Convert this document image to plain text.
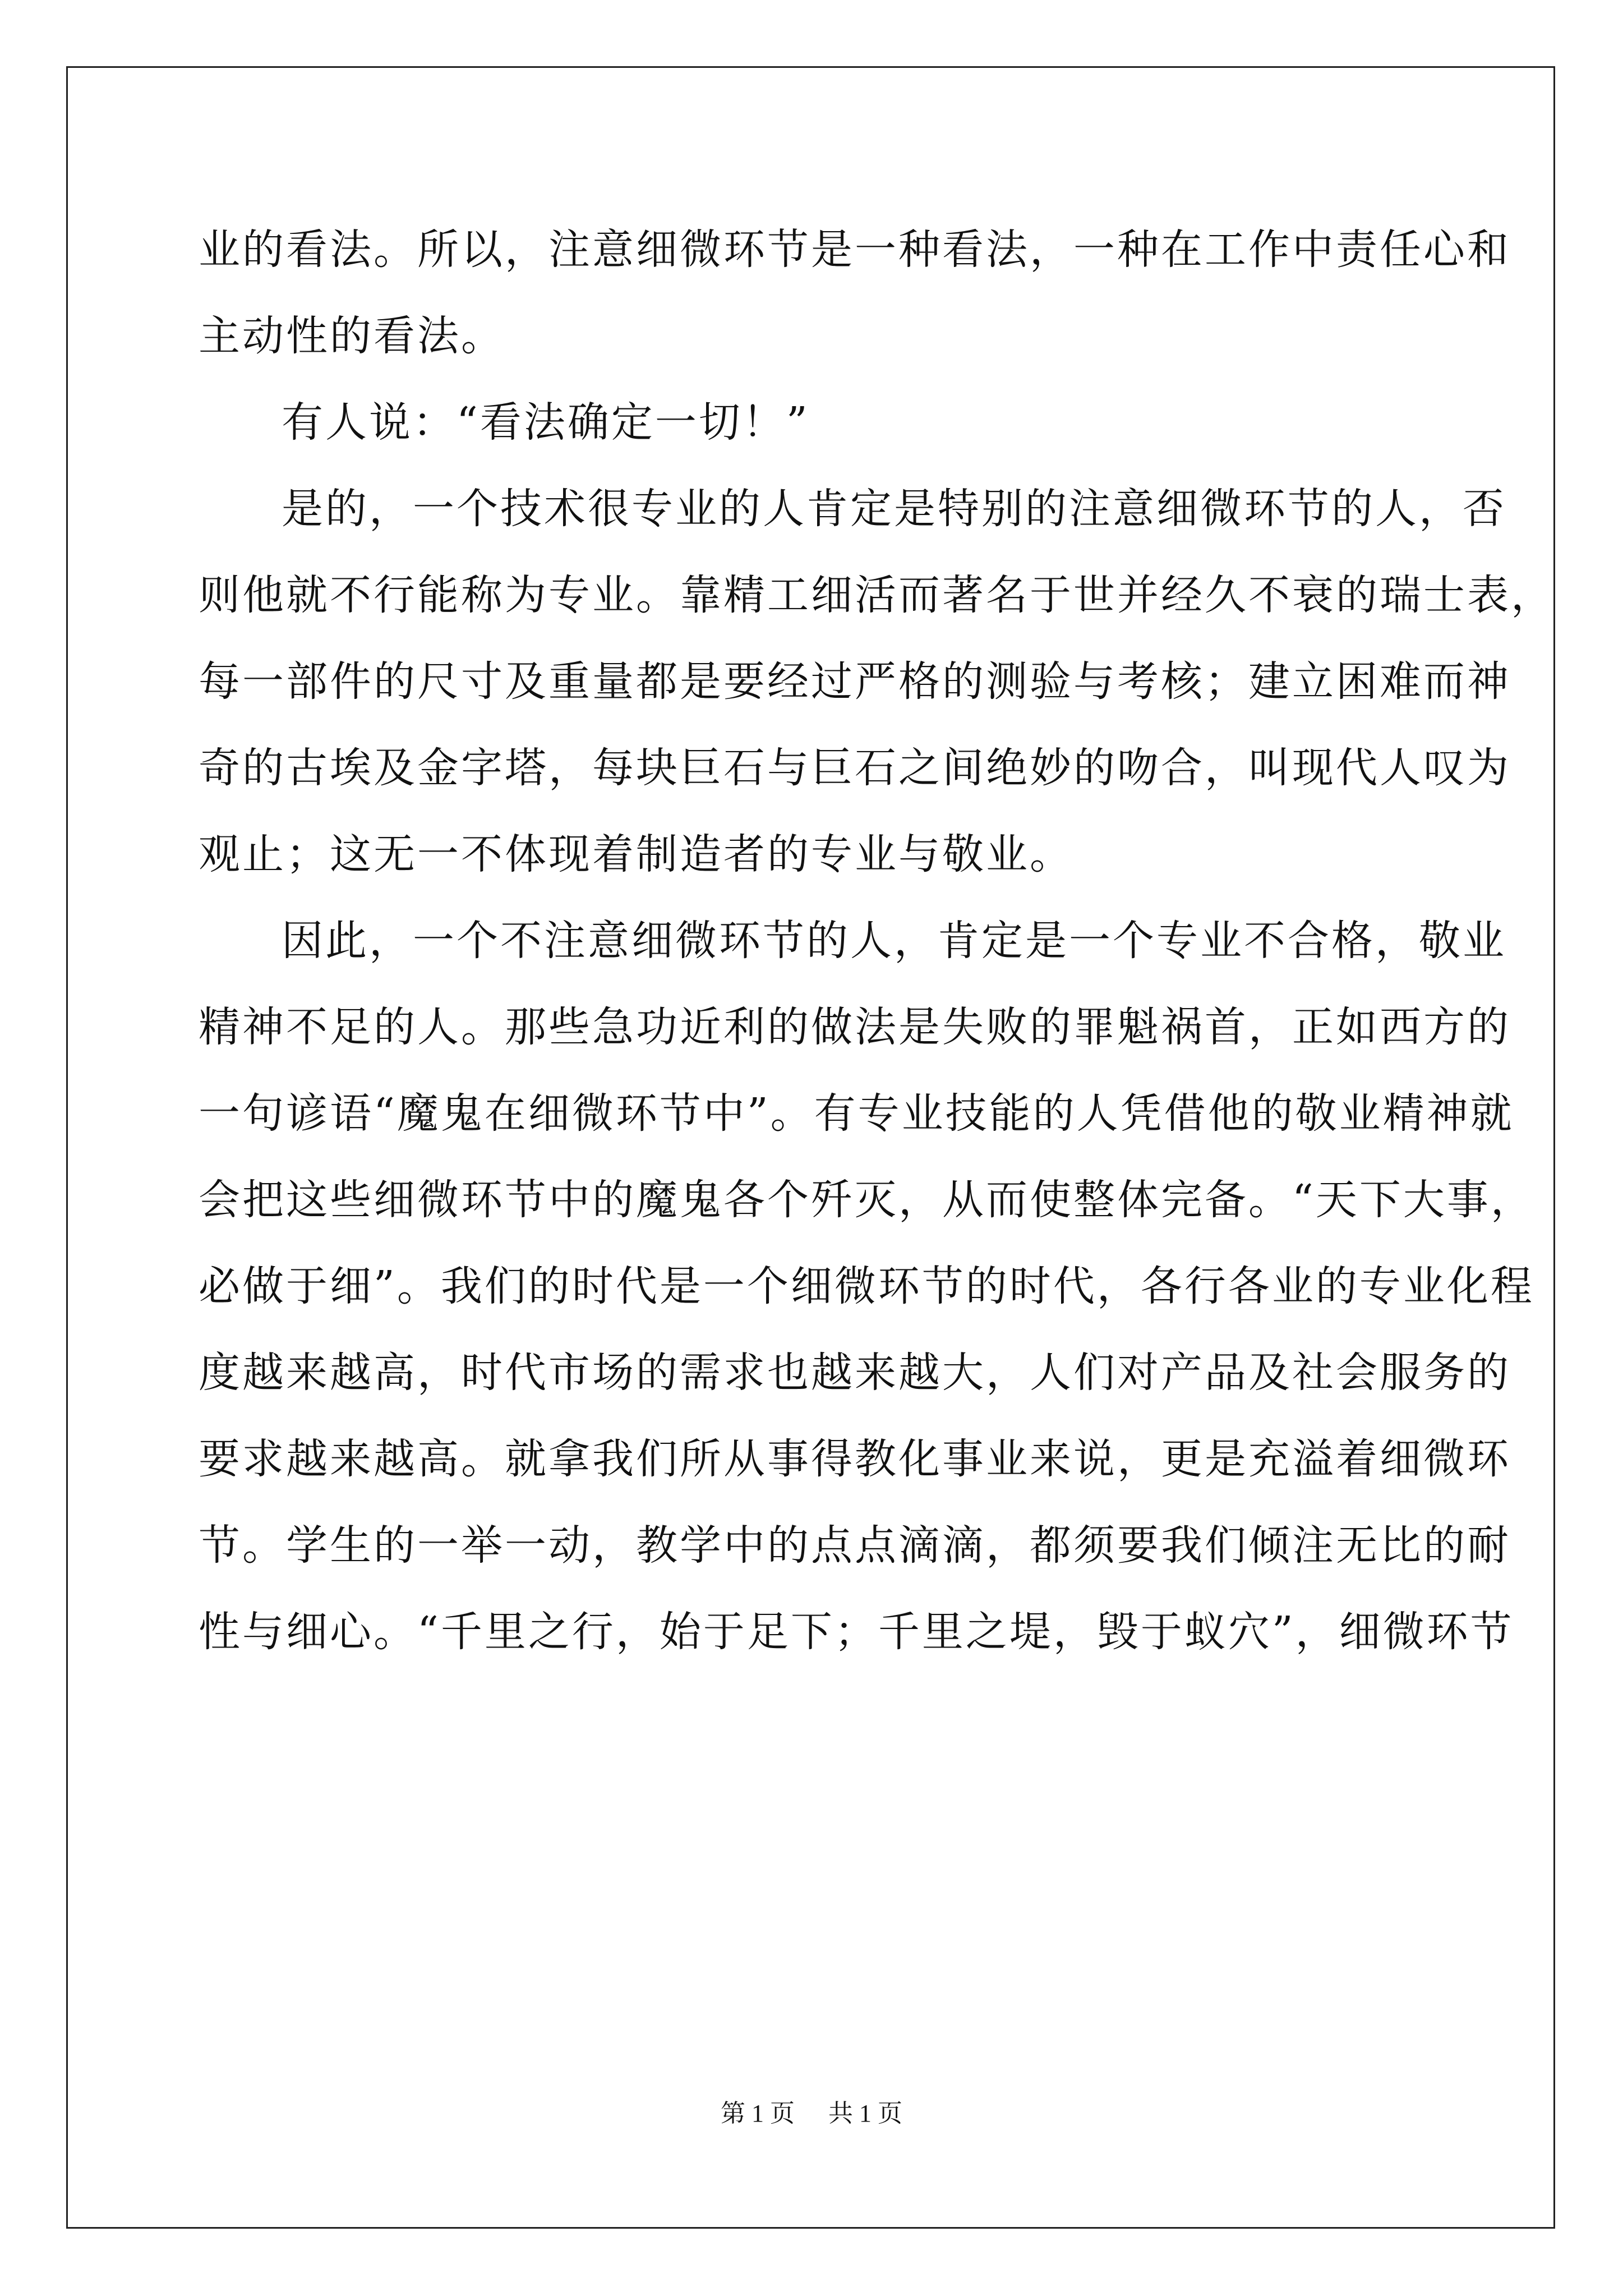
业的看法。所以，注意细微环节是一种看法，一种在工作中责任心和
主动性的看法。
有人说：“看法确定一切！”
是的，一个技术很专业的人肯定是特别的注意细微环节的人，否
则他就不行能称为专业。靠精工细活而著名于世并经久不衰的瑞士表，
每一部件的尺寸及重量都是要经过严格的测验与考核；建立困难而神
奇的古埃及金字塔，每块巨石与巨石之间绝妙的吻合，叫现代人叹为
观止；这无一不体现着制造者的专业与敬业。
因此，一个不注意细微环节的人，肯定是一个专业不合格，敬业
精神不足的人。那些急功近利的做法是失败的罪魁祸首，正如西方的
一句谚语“魔鬼在细微环节中”。有专业技能的人凭借他的敬业精神就
会把这些细微环节中的魔鬼各个歼灭，从而使整体完备。“天下大事，
必做于细”。我们的时代是一个细微环节的时代，各行各业的专业化程
度越来越高，时代市场的需求也越来越大，人们对产品及社会服务的
要求越来越高。就拿我们所从事得教化事业来说，更是充溢着细微环
节。学生的一举一动，教学中的点点滴滴，都须要我们倾注无比的耐
性与细心。“千里之行，始于足下；千里之堤，毁于蚁穴”，细微环节
第 1 页 共 1 页
